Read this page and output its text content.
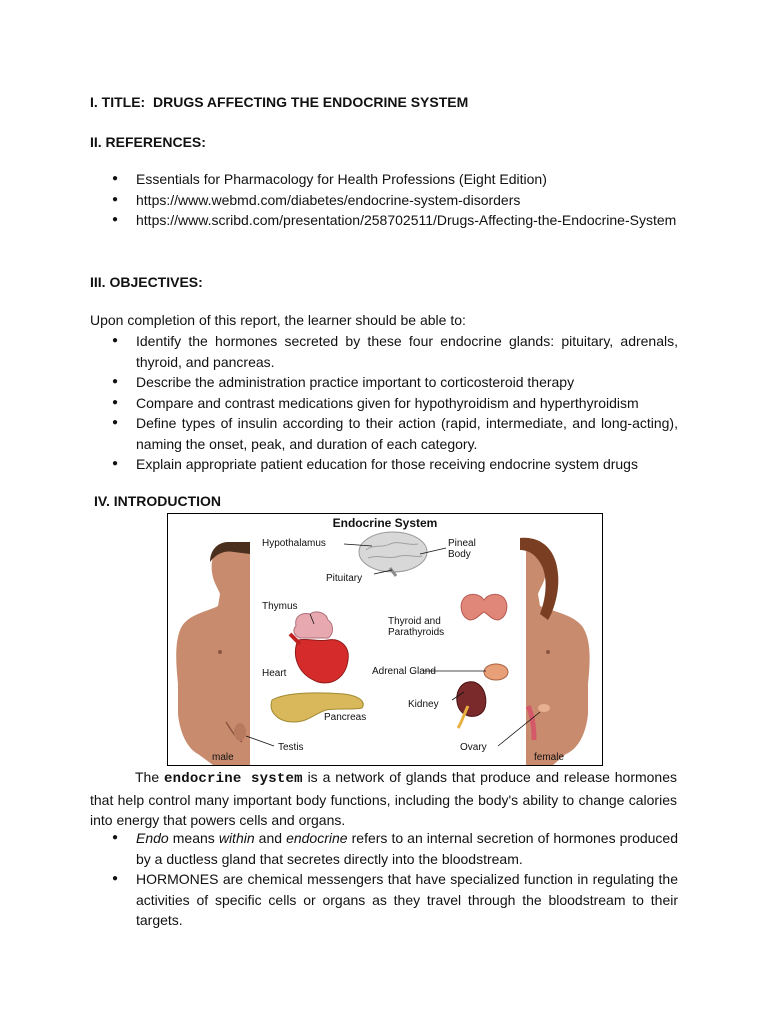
I. TITLE: DRUGS AFFECTING THE ENDOCRINE SYSTEM
II. REFERENCES:
● Essentials for Pharmacology for Health Professions (Eight Edition)
● https://www.webmd.com/diabetes/endocrine-system-disorders
● https://www.scribd.com/presentation/258702511/Drugs-Affecting-the-Endocrine-System
III. OBJECTIVES:
Upon completion of this report, the learner should be able to:
● Identify the hormones secreted by these four endocrine glands: pituitary, adrenals, thyroid, and pancreas.
● Describe the administration practice important to corticosteroid therapy
● Compare and contrast medications given for hypothyroidism and hyperthyroidism
● Define types of insulin according to their action (rapid, intermediate, and long-acting), naming the onset, peak, and duration of each category.
● Explain appropriate patient education for those receiving endocrine system drugs
IV. INTRODUCTION
Endocrine System
Hypothalamus	Pineal
Body
Pituitary
Thymus
Thyroid and
Parathyroids
Heart	Adrenal Gland
Kidney
Pancreas
Testis	Ovary
male	female
The endocrine system is a network of glands that produce and release hormones that help control many important body functions, including the body's ability to change calories into energy that powers cells and organs.
● Endo means within and endocrine refers to an internal secretion of hormones produced by a ductless gland that secretes directly into the bloodstream.
● HORMONES are chemical messengers that have specialized function in regulating the activities of specific cells or organs as they travel through the bloodstream to their targets.
